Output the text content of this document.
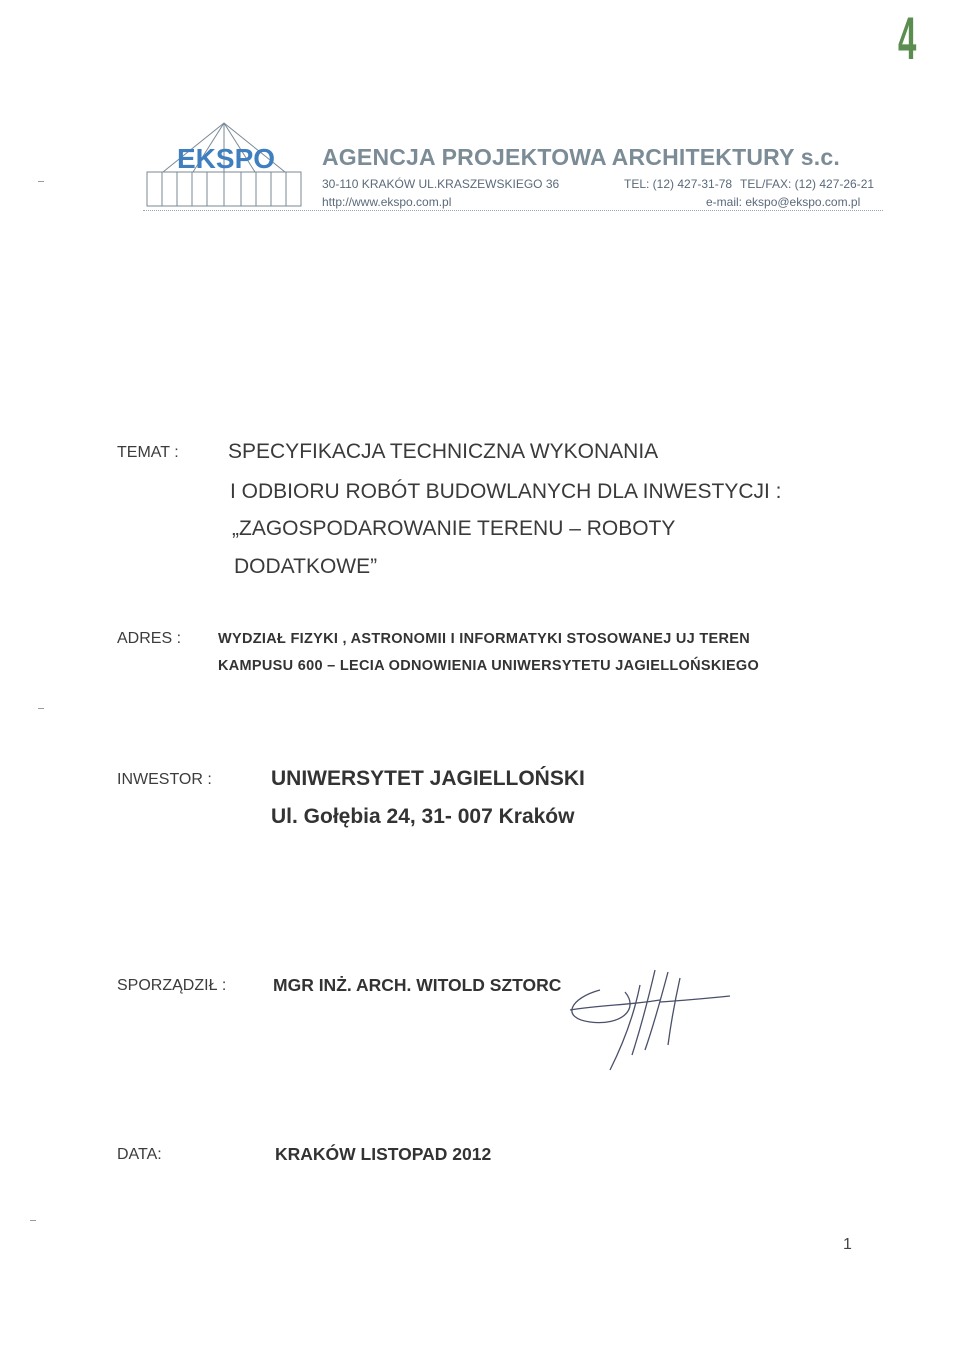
4
EKSPO AGENCJA PROJEKTOWA ARCHITEKTURY s.c.
30-110 KRAKÓW UL.KRASZEWSKIEGO 36	TEL: (12) 427-31-78 TEL/FAX: (12) 427-26-21
http://www.ekspo.com.pl	e-mail: ekspo@ekspo.com.pl
TEMAT : SPECYFIKACJA TECHNICZNA WYKONANIA
I ODBIORU ROBÓT BUDOWLANYCH DLA INWESTYCJI :
„ZAGOSPODAROWANIE TERENU – ROBOTY
DODATKOWE”
ADRES :	WYDZIAŁ FIZYKI , ASTRONOMII I INFORMATYKI STOSOWANEJ UJ TEREN
KAMPUSU 600 – LECIA ODNOWIENIA UNIWERSYTETU JAGIELLOŃSKIEGO
INWESTOR :	UNIWERSYTET JAGIELLOŃSKI
Ul. Gołębia 24, 31- 007 Kraków
SPORZĄDZIŁ :	MGR INŻ. ARCH. WITOLD SZTORC
DATA:	KRAKÓW LISTOPAD 2012
1
